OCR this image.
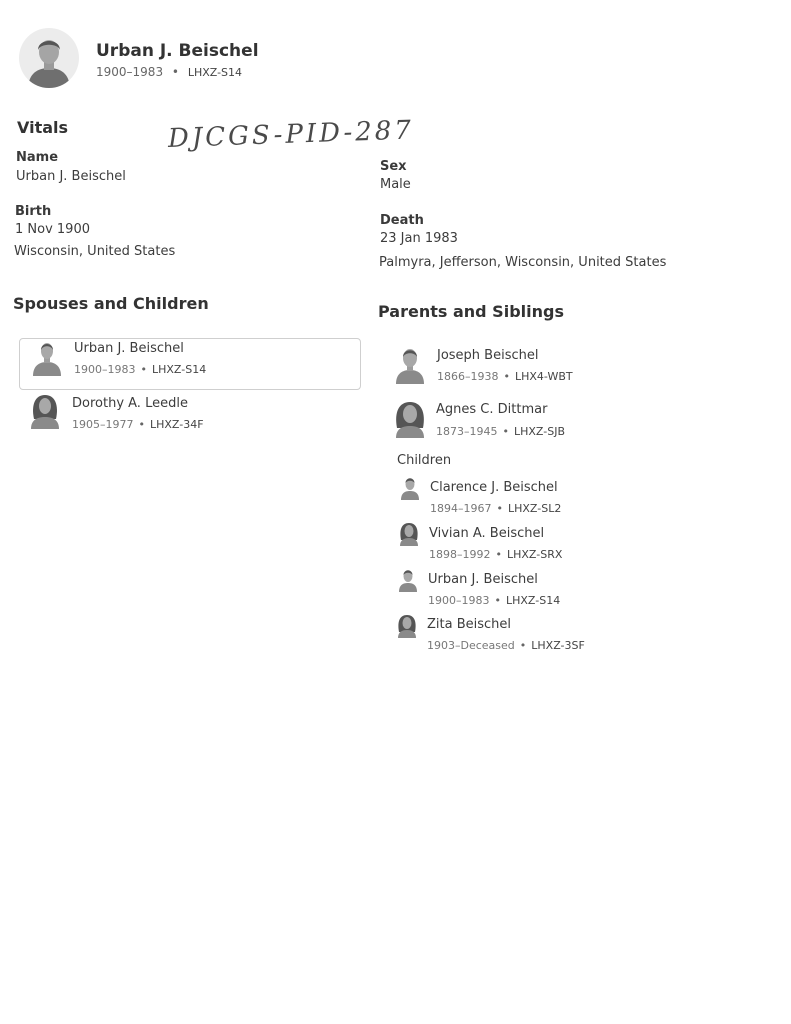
Urban J. Beischel
1900–1983 • LHXZ-S14
DJCGS-PID-287
Vitals
Name
Urban J. Beischel
Sex
Male
Birth
1 Nov 1900
Wisconsin, United States
Death
23 Jan 1983
Palmyra, Jefferson, Wisconsin, United States
Spouses and Children
Urban J. Beischel
1900–1983 • LHXZ-S14
Dorothy A. Leedle
1905–1977 • LHXZ-34F
Parents and Siblings
Joseph Beischel
1866–1938 • LHX4-WBT
Agnes C. Dittmar
1873–1945 • LHXZ-SJB
Children
Clarence J. Beischel
1894–1967 • LHXZ-SL2
Vivian A. Beischel
1898–1992 • LHXZ-SRX
Urban J. Beischel
1900–1983 • LHXZ-S14
Zita Beischel
1903–Deceased • LHXZ-3SF
